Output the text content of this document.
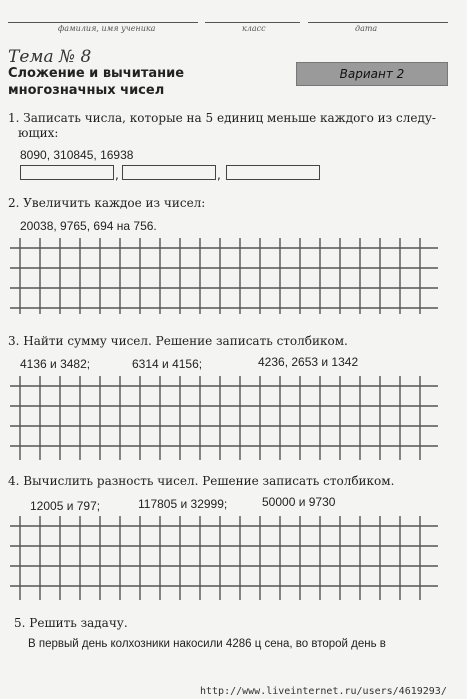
фамилия, имя ученика	класс	дата
Тема № 8
Сложение и вычитание
многозначных чисел
Вариант 2
1. Записать числа, которые на 5 единиц меньше каждого из следу-
ющих:
8090, 310845, 16938
,	,
2. Увеличить каждое из чисел:
20038, 9765, 694 на 756.
3. Найти сумму чисел. Решение записать столбиком.
4136 и 3482;	6314 и 4156;	4236, 2653 и 1342
4. Вычислить разность чисел. Решение записать столбиком.
12005 и 797;	117805 и 32999;	50000 и 9730
5. Решить задачу.
В первый день колхозники накосили 4286 ц сена, во второй день в
http://www.liveinternet.ru/users/4619293/
